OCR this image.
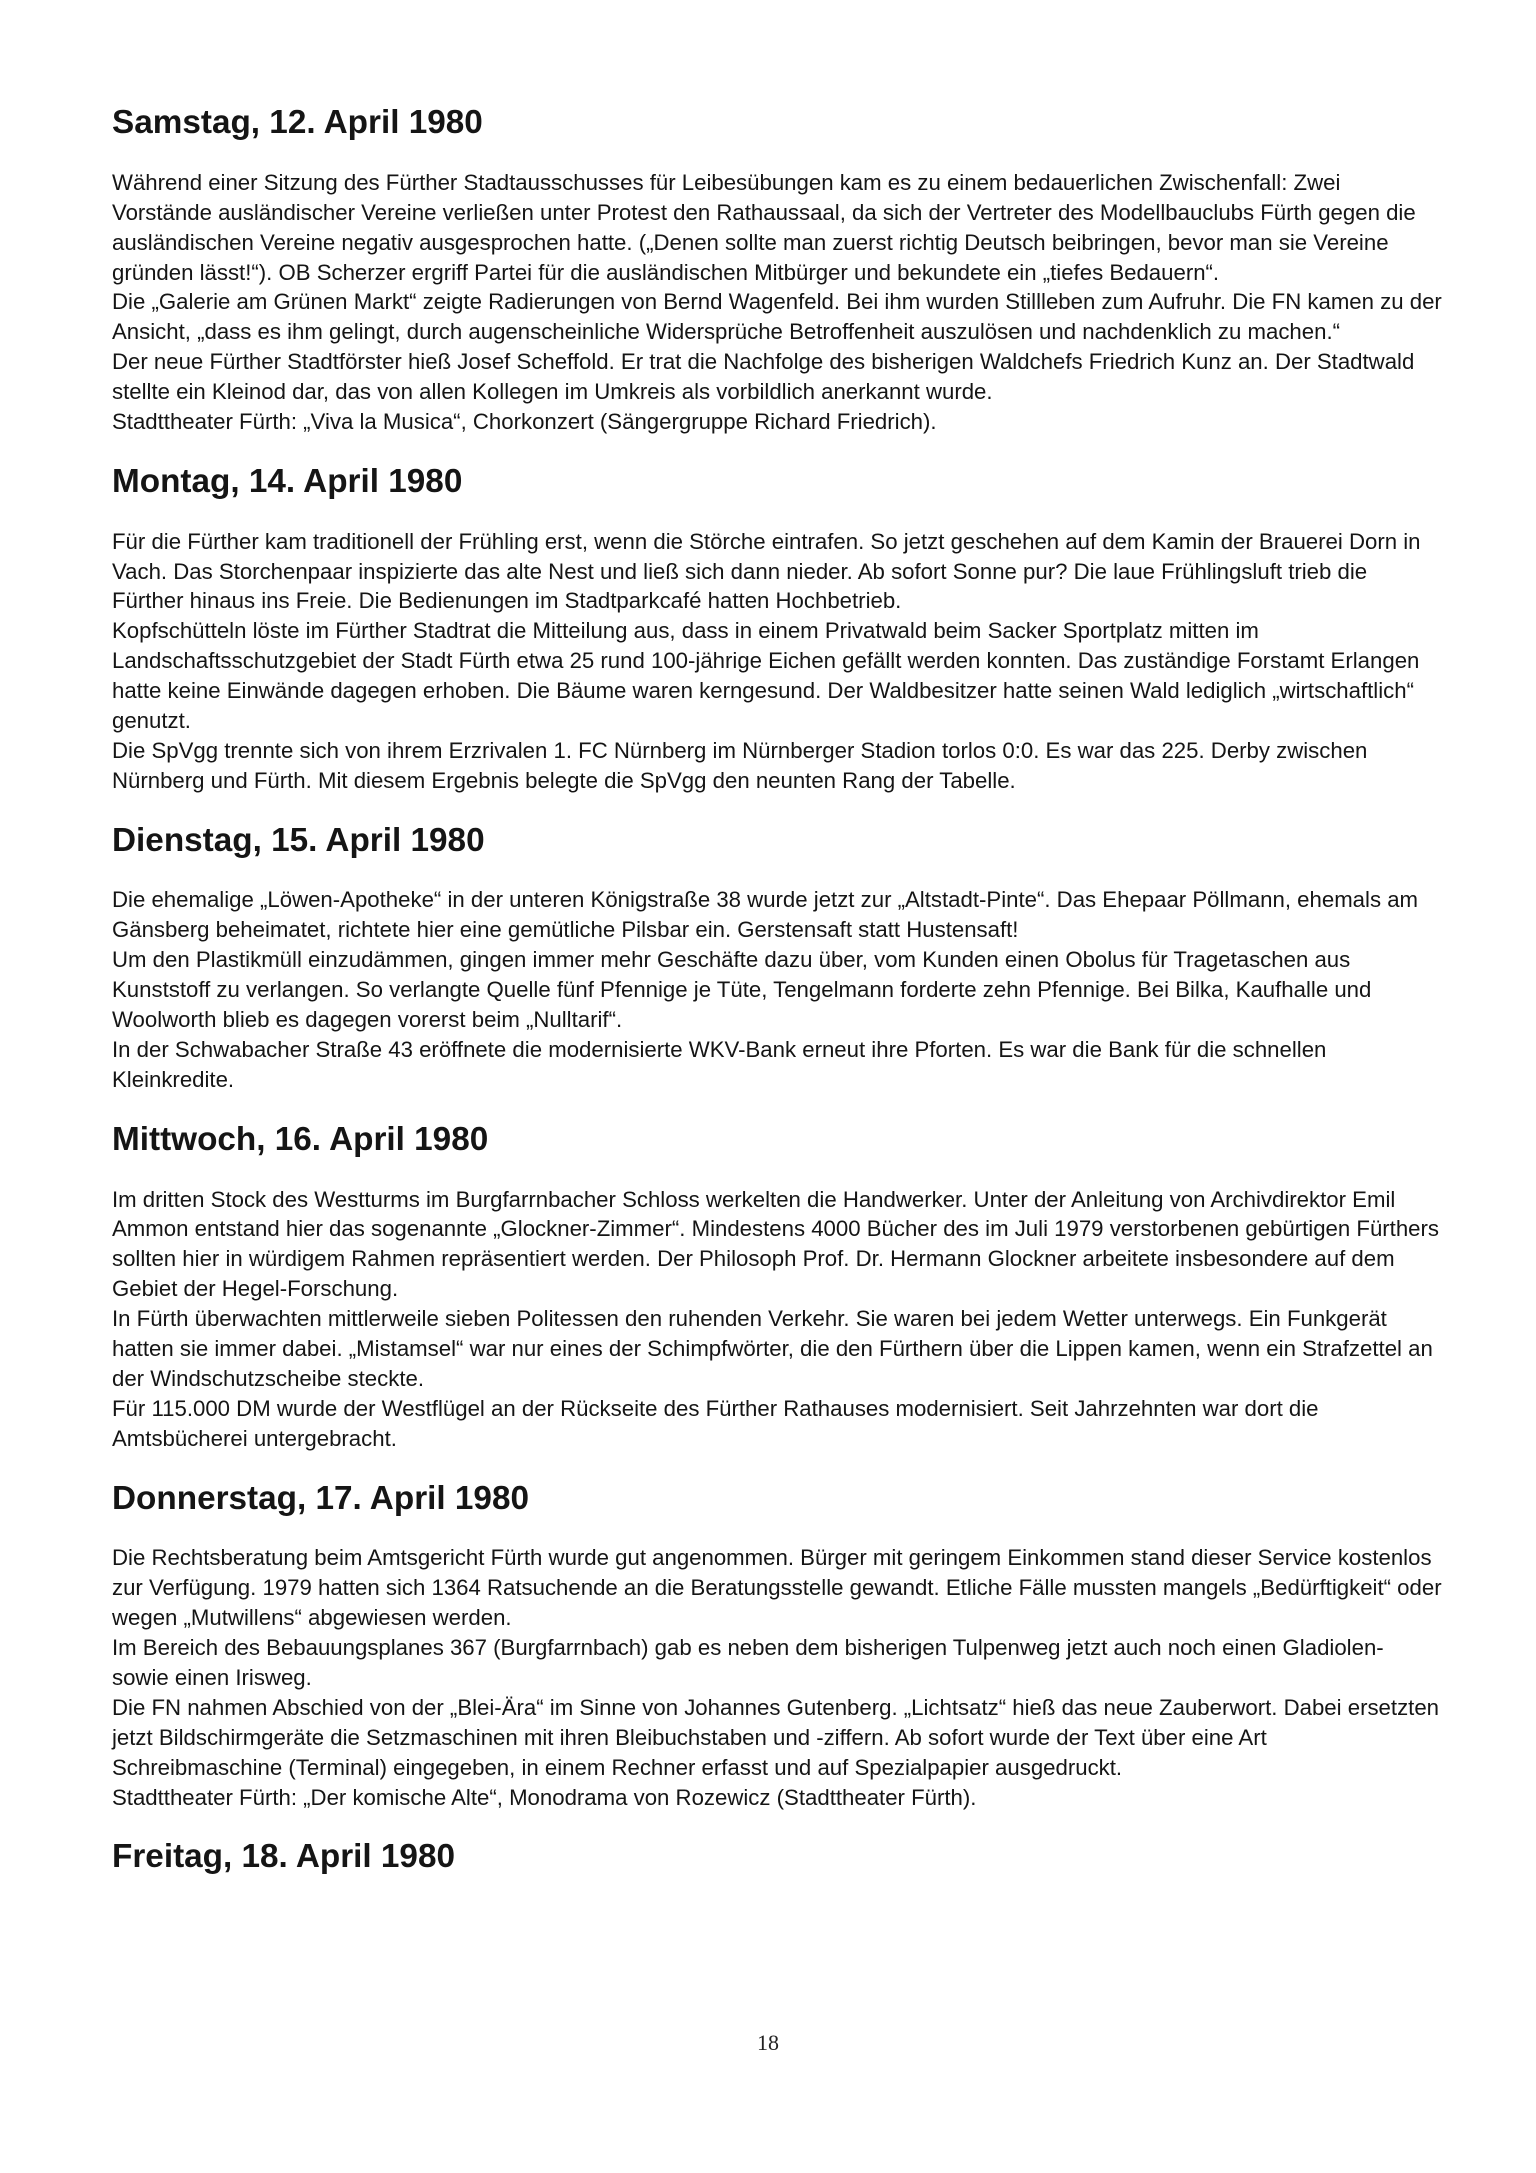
Samstag, 12. April 1980

Während einer Sitzung des Fürther Stadtausschusses für Leibesübungen kam es zu einem bedauerlichen Zwischenfall: Zwei Vorstände ausländischer Vereine verließen unter Protest den Rathaussaal, da sich der Vertreter des Modellbauclubs Fürth gegen die ausländischen Vereine negativ ausgesprochen hatte. („Denen sollte man zuerst richtig Deutsch beibringen, bevor man sie Vereine gründen lässt!“). OB Scherzer ergriff Partei für die ausländischen Mitbürger und bekundete ein „tiefes Bedauern“.

Die „Galerie am Grünen Markt“ zeigte Radierungen von Bernd Wagenfeld. Bei ihm wurden Stillleben zum Aufruhr. Die FN kamen zu der Ansicht, „dass es ihm gelingt, durch augenscheinliche Widersprüche Betroffenheit auszulösen und nachdenklich zu machen.“

Der neue Fürther Stadtförster hieß Josef Scheffold. Er trat die Nachfolge des bisherigen Waldchefs Friedrich Kunz an. Der Stadtwald stellte ein Kleinod dar, das von allen Kollegen im Umkreis als vorbildlich anerkannt wurde.

Stadttheater Fürth: „Viva la Musica“, Chorkonzert (Sängergruppe Richard Friedrich).

Montag, 14. April 1980

Für die Fürther kam traditionell der Frühling erst, wenn die Störche eintrafen. So jetzt geschehen auf dem Kamin der Brauerei Dorn in Vach. Das Storchenpaar inspizierte das alte Nest und ließ sich dann nieder. Ab sofort Sonne pur? Die laue Frühlingsluft trieb die Fürther hinaus ins Freie. Die Bedienungen im Stadtparkcafé hatten Hochbetrieb.

Kopfschütteln löste im Fürther Stadtrat die Mitteilung aus, dass in einem Privatwald beim Sacker Sportplatz mitten im Landschaftsschutzgebiet der Stadt Fürth etwa 25 rund 100-jährige Eichen gefällt werden konnten. Das zuständige Forstamt Erlangen hatte keine Einwände dagegen erhoben. Die Bäume waren kerngesund. Der Waldbesitzer hatte seinen Wald lediglich „wirtschaftlich“ genutzt.

Die SpVgg trennte sich von ihrem Erzrivalen 1. FC Nürnberg im Nürnberger Stadion torlos 0:0. Es war das 225. Derby zwischen Nürnberg und Fürth. Mit diesem Ergebnis belegte die SpVgg den neunten Rang der Tabelle.

Dienstag, 15. April 1980

Die ehemalige „Löwen-Apotheke“ in der unteren Königstraße 38 wurde jetzt zur „Altstadt-Pinte“. Das Ehepaar Pöllmann, ehemals am Gänsberg beheimatet, richtete hier eine gemütliche Pilsbar ein. Gerstensaft statt Hustensaft!

Um den Plastikmüll einzudämmen, gingen immer mehr Geschäfte dazu über, vom Kunden einen Obolus für Tragetaschen aus Kunststoff zu verlangen. So verlangte Quelle fünf Pfennige je Tüte, Tengelmann forderte zehn Pfennige. Bei Bilka, Kaufhalle und Woolworth blieb es dagegen vorerst beim „Nulltarif“.

In der Schwabacher Straße 43 eröffnete die modernisierte WKV-Bank erneut ihre Pforten. Es war die Bank für die schnellen Kleinkredite.

Mittwoch, 16. April 1980

Im dritten Stock des Westturms im Burgfarrnbacher Schloss werkelten die Handwerker. Unter der Anleitung von Archivdirektor Emil Ammon entstand hier das sogenannte „Glockner-Zimmer“. Mindestens 4000 Bücher des im Juli 1979 verstorbenen gebürtigen Fürthers sollten hier in würdigem Rahmen repräsentiert werden. Der Philosoph Prof. Dr. Hermann Glockner arbeitete insbesondere auf dem Gebiet der Hegel-Forschung.

In Fürth überwachten mittlerweile sieben Politessen den ruhenden Verkehr. Sie waren bei jedem Wetter unterwegs. Ein Funkgerät hatten sie immer dabei. „Mistamsel“ war nur eines der Schimpfwörter, die den Fürthern über die Lippen kamen, wenn ein Strafzettel an der Windschutzscheibe steckte.

Für 115.000 DM wurde der Westflügel an der Rückseite des Fürther Rathauses modernisiert. Seit Jahrzehnten war dort die Amtsbücherei untergebracht.

Donnerstag, 17. April 1980

Die Rechtsberatung beim Amtsgericht Fürth wurde gut angenommen. Bürger mit geringem Einkommen stand dieser Service kostenlos zur Verfügung. 1979 hatten sich 1364 Ratsuchende an die Beratungsstelle gewandt. Etliche Fälle mussten mangels „Bedürftigkeit“ oder wegen „Mutwillens“ abgewiesen werden.

Im Bereich des Bebauungsplanes 367 (Burgfarrnbach) gab es neben dem bisherigen Tulpenweg jetzt auch noch einen Gladiolen- sowie einen Irisweg.

Die FN nahmen Abschied von der „Blei-Ära“ im Sinne von Johannes Gutenberg. „Lichtsatz“ hieß das neue Zauberwort. Dabei ersetzten jetzt Bildschirmgeräte die Setzmaschinen mit ihren Bleibuchstaben und -ziffern. Ab sofort wurde der Text über eine Art Schreibmaschine (Terminal) eingegeben, in einem Rechner erfasst und auf Spezialpapier ausgedruckt.

Stadttheater Fürth: „Der komische Alte“, Monodrama von Rozewicz (Stadttheater Fürth).

Freitag, 18. April 1980
18
